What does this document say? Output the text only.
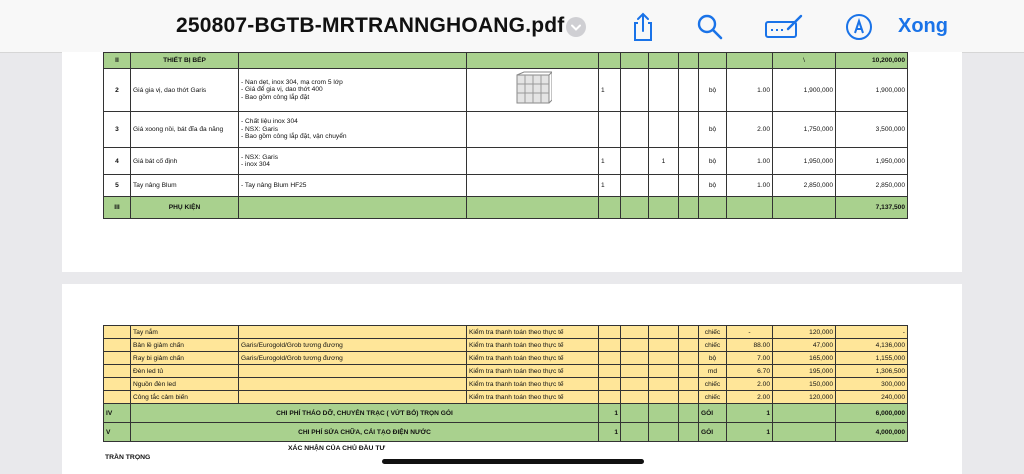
250807-BGTB-MRTRANNGHOANG.pdf	Xong
II	THIẾT BỊ BẾP									\	10,200,000
2	Giá gia vị, dao thớt Garis	- Nan dẹt, inox 304, mạ crom 5 lớp
- Giá để gia vị, dao thớt 400
- Bao gồm công lắp đặt		1				bộ	1.00	1,900,000	1,900,000
3	Giá xoong nồi, bát đĩa đa năng	- Chất liệu inox 304
- NSX: Garis
- Bao gồm công lắp đặt, vận chuyển						bộ	2.00	1,750,000	3,500,000
4	Giá bát cố định	- NSX: Garis
- inox 304		1		1		bộ	1.00	1,950,000	1,950,000
5	Tay nâng Blum	- Tay nâng Blum HF25		1				bộ	1.00	2,850,000	2,850,000
III	PHỤ KIỆN										7,137,500
	Tay nắm		Kiểm tra thanh toán theo thực tế					chiếc	-	120,000	-
	Bản lề giảm chấn	Garis/Eurogold/Grob tương đương	Kiểm tra thanh toán theo thực tế					chiếc	88.00	47,000	4,136,000
	Ray bi giảm chấn	Garis/Eurogold/Grob tương đương	Kiểm tra thanh toán theo thực tế					bộ	7.00	165,000	1,155,000
	Đèn led tủ		Kiểm tra thanh toán theo thực tế					md	6.70	195,000	1,306,500
	Nguồn đèn led		Kiểm tra thanh toán theo thực tế					chiếc	2.00	150,000	300,000
	Công tắc cảm biến		Kiểm tra thanh toán theo thực tế					chiếc	2.00	120,000	240,000
IV	CHI PHÍ THÁO DỠ, CHUYÊN TRẠC ( VỨT BỎ) TRỌN GÓI			1				GÓI	1		6,000,000
V	CHI PHÍ SỬA CHỮA, CẢI TẠO ĐIỆN NƯỚC			1				GÓI	1		4,000,000
XÁC NHẬN CỦA CHỦ ĐẦU TƯ
TRẦN TRỌNG
